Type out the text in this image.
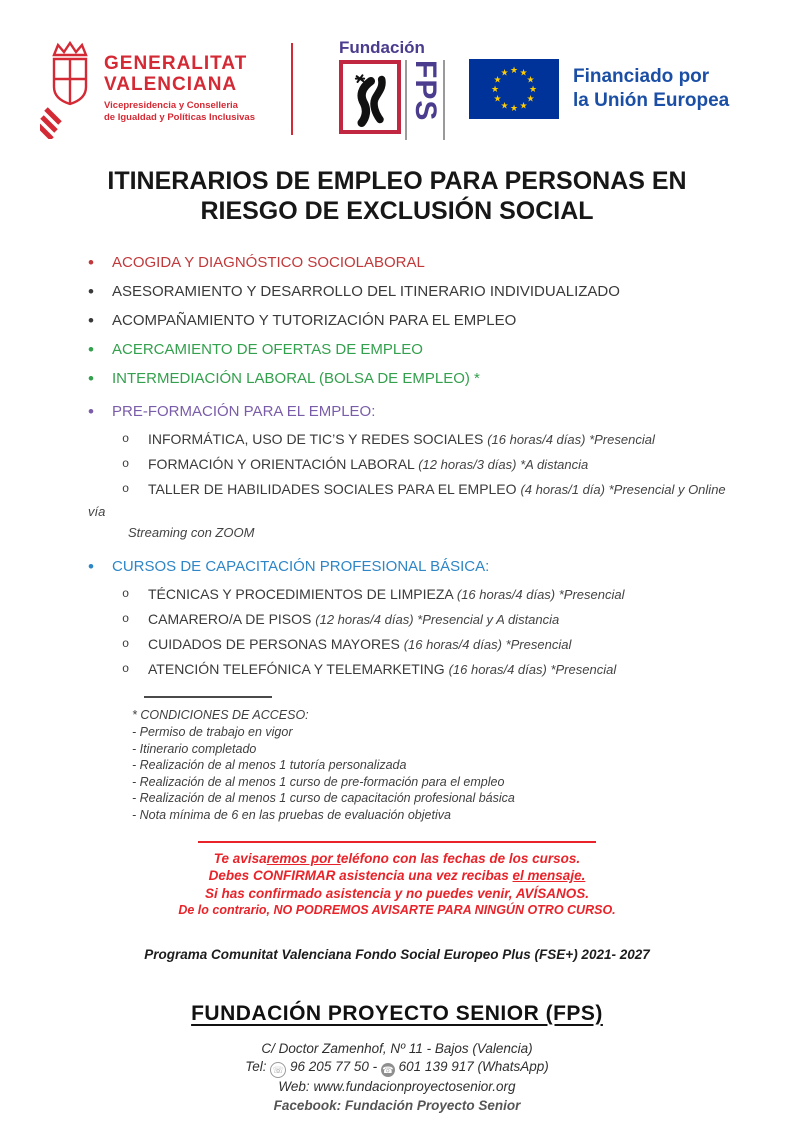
GENERALITAT
VALENCIANA
Vicepresidencia y Conselleria
de Igualdad y Políticas Inclusivas
Fundación
FPS	★ ★
★
★
★
★
★
★
★
★
★
★	Financiado por
la Unión Europea
ITINERARIOS DE EMPLEO PARA PERSONAS EN
RIESGO DE EXCLUSIÓN SOCIAL
• ACOGIDA Y DIAGNÓSTICO SOCIOLABORAL
• ASESORAMIENTO Y DESARROLLO DEL ITINERARIO INDIVIDUALIZADO
• ACOMPAÑAMIENTO Y TUTORIZACIÓN PARA EL EMPLEO
• ACERCAMIENTO DE OFERTAS DE EMPLEO
• INTERMEDIACIÓN LABORAL (BOLSA DE EMPLEO) *
• PRE-FORMACIÓN PARA EL EMPLEO:
o INFORMÁTICA, USO DE TIC’S Y REDES SOCIALES (16 horas/4 días) *Presencial
o FORMACIÓN Y ORIENTACIÓN LABORAL (12 horas/3 días) *A distancia
o TALLER DE HABILIDADES SOCIALES PARA EL EMPLEO (4 horas/1 día) *Presencial y Online
vía
Streaming con ZOOM
• CURSOS DE CAPACITACIÓN PROFESIONAL BÁSICA:
o TÉCNICAS Y PROCEDIMIENTOS DE LIMPIEZA (16 horas/4 días) *Presencial
o CAMARERO/A DE PISOS (12 horas/4 días) *Presencial y A distancia
o CUIDADOS DE PERSONAS MAYORES (16 horas/4 días) *Presencial
o ATENCIÓN TELEFÓNICA Y TELEMARKETING (16 horas/4 días) *Presencial
* CONDICIONES DE ACCESO:
- Permiso de trabajo en vigor
- Itinerario completado
- Realización de al menos 1 tutoría personalizada
- Realización de al menos 1 curso de pre-formación para el empleo
- Realización de al menos 1 curso de capacitación profesional básica
- Nota mínima de 6 en las pruebas de evaluación objetiva
Te avisaremos por teléfono con las fechas de los cursos.
Debes CONFIRMAR asistencia una vez recibas el mensaje.
Si has confirmado asistencia y no puedes venir, AVÍSANOS.
De lo contrario, NO PODREMOS AVISARTE PARA NINGÚN OTRO CURSO.
Programa Comunitat Valenciana Fondo Social Europeo Plus (FSE+) 2021- 2027
FUNDACIÓN PROYECTO SENIOR (FPS)
C/ Doctor Zamenhof, Nº 11 - Bajos (Valencia)
Tel: ☏ 96 205 77 50 - ☎ 601 139 917 (WhatsApp)
Web: www.fundacionproyectosenior.org
Facebook: Fundación Proyecto Senior
